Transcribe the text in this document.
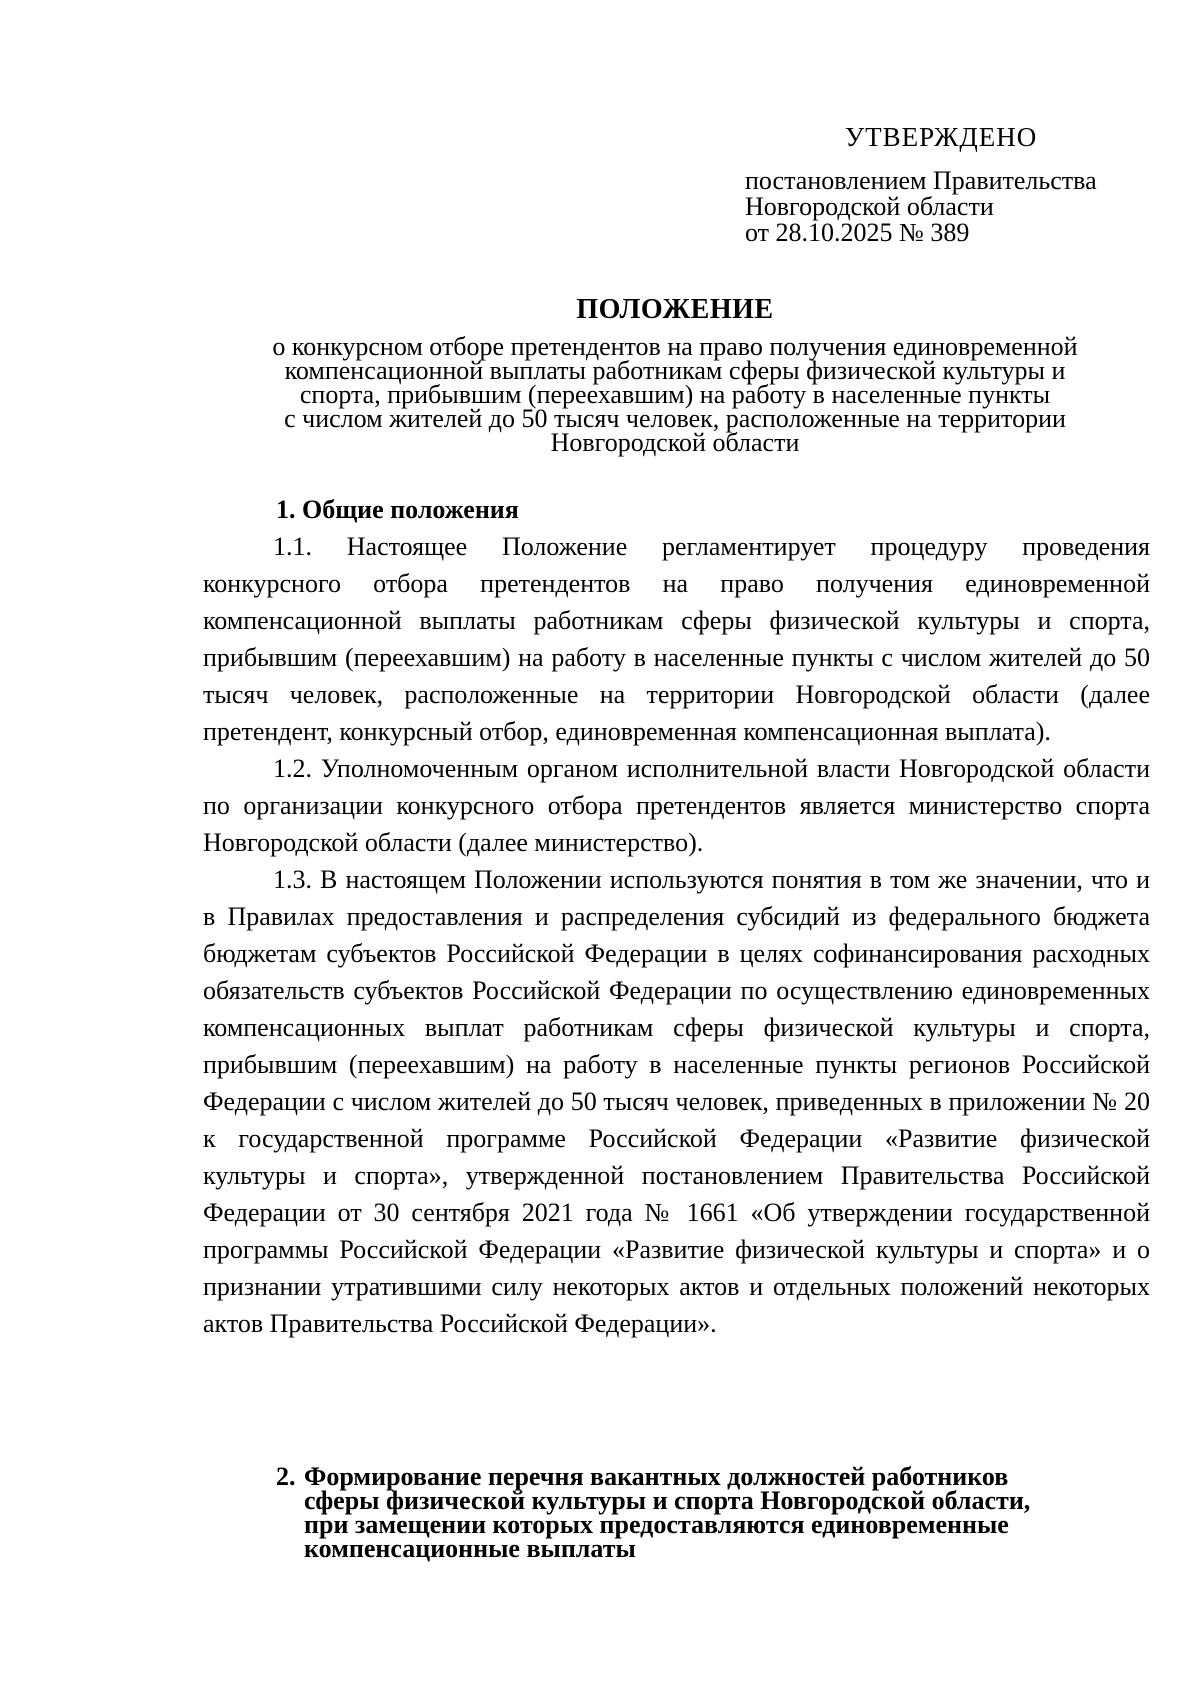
УТВЕРЖДЕНО
постановлением Правительства
Новгородской области
от 28.10.2025 № 389
ПОЛОЖЕНИЕ
о конкурсном отборе претендентов на право получения единовременной
компенсационной выплаты работникам сферы физической культуры и
спорта, прибывшим (переехавшим) на работу в населенные пункты
с числом жителей до 50 тысяч человек, расположенные на территории
Новгородской области
1. Общие положения

1.1. Настоящее Положение регламентирует процедуру проведения конкурсного отбора претендентов на право получения единовременной компенсационной выплаты работникам сферы физической культуры и спорта, прибывшим (переехавшим) на работу в населенные пункты с числом жителей до 50 тысяч человек, расположенные на территории Новгородской области (далее претендент, конкурсный отбор, единовременная компенсационная выплата).

1.2. Уполномоченным органом исполнительной власти Новгородской области по организации конкурсного отбора претендентов является министерство спорта Новгородской области (далее министерство).

1.3. В настоящем Положении используются понятия в том же значении, что и в Правилах предоставления и распределения субсидий из федерального бюджета бюджетам субъектов Российской Федерации в целях софинансирования расходных обязательств субъектов Российской Федерации по осуществлению единовременных компенсационных выплат работникам сферы физической культуры и спорта, прибывшим (переехавшим) на работу в населенные пункты регионов Российской Федерации с числом жителей до 50 тысяч человек, приведенных в приложении № 20 к государственной программе Российской Федерации «Развитие физической культуры и спорта», утвержденной постановлением Правительства Российской Федерации от 30 сентября 2021 года № 1661 «Об утверждении государственной программы Российской Федерации «Развитие физической культуры и спорта» и о признании утратившими силу некоторых актов и отдельных положений некоторых актов Правительства Российской Федерации».

2. Формирование перечня вакантных должностей работников
сферы физической культуры и спорта Новгородской области,
при замещении которых предоставляются единовременные
компенсационные выплаты
